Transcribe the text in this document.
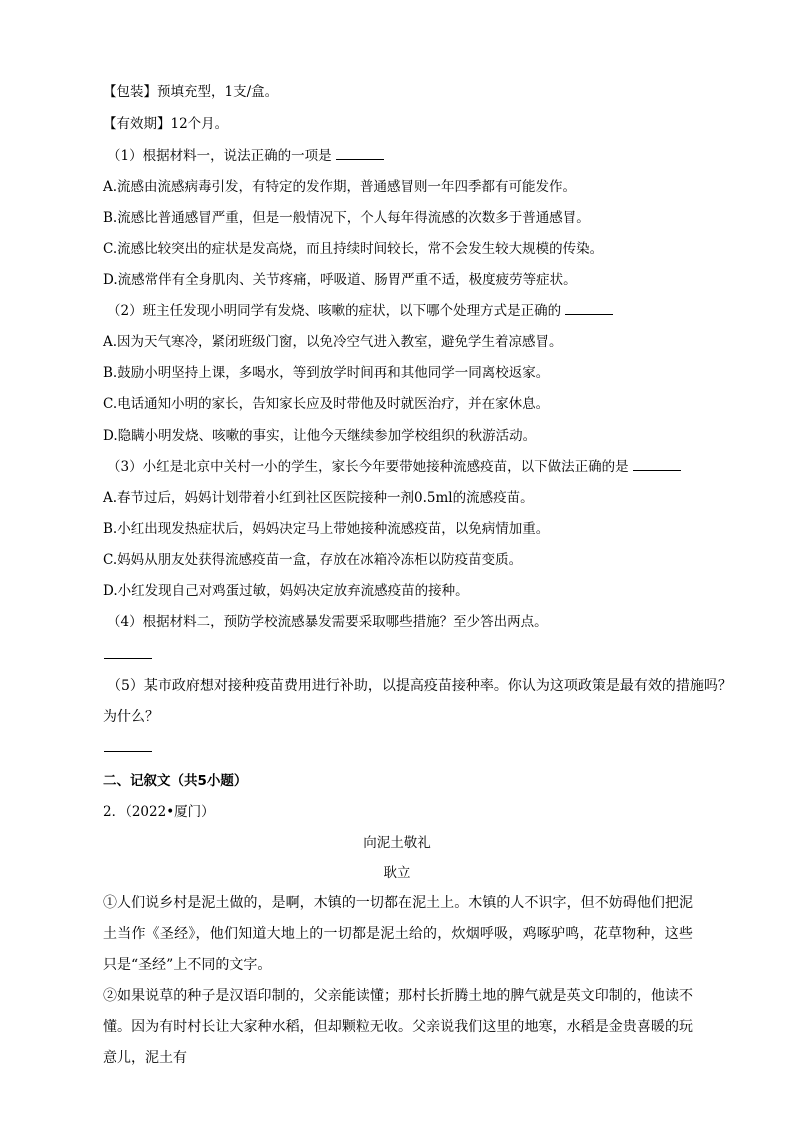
【包装】预填充型，1支/盒。
【有效期】12个月。
（1）根据材料一，说法正确的一项是
A.流感由流感病毒引发，有特定的发作期，普通感冒则一年四季都有可能发作。
B.流感比普通感冒严重，但是一般情况下，个人每年得流感的次数多于普通感冒。
C.流感比较突出的症状是发高烧，而且持续时间较长，常不会发生较大规模的传染。
D.流感常伴有全身肌肉、关节疼痛，呼吸道、肠胃严重不适，极度疲劳等症状。
（2）班主任发现小明同学有发烧、咳嗽的症状，以下哪个处理方式是正确的
A.因为天气寒冷，紧闭班级门窗，以免冷空气进入教室，避免学生着凉感冒。
B.鼓励小明坚持上课，多喝水，等到放学时间再和其他同学一同离校返家。
C.电话通知小明的家长，告知家长应及时带他及时就医治疗，并在家休息。
D.隐瞒小明发烧、咳嗽的事实，让他今天继续参加学校组织的秋游活动。
（3）小红是北京中关村一小的学生，家长今年要带她接种流感疫苗，以下做法正确的是
A.春节过后，妈妈计划带着小红到社区医院接种一剂0.5ml的流感疫苗。
B.小红出现发热症状后，妈妈决定马上带她接种流感疫苗，以免病情加重。
C.妈妈从朋友处获得流感疫苗一盒，存放在冰箱冷冻柜以防疫苗变质。
D.小红发现自己对鸡蛋过敏，妈妈决定放弃流感疫苗的接种。
（4）根据材料二，预防学校流感暴发需要采取哪些措施？至少答出两点。
（5）某市政府想对接种疫苗费用进行补助，以提高疫苗接种率。你认为这项政策是最有效的措施吗？
为什么？
二、记叙文（共5小题）
2．（2022•厦门）
向泥土敬礼
耿立
①人们说乡村是泥土做的，是啊，木镇的一切都在泥土上。木镇的人不识字，但不妨碍他们把泥土当作《圣经》，他们知道大地上的一切都是泥土给的，炊烟呼吸，鸡啄驴鸣，花草物种，这些只是“圣经”上不同的文字。
②如果说草的种子是汉语印制的，父亲能读懂；那村长折腾土地的脾气就是英文印制的，他读不懂。因为有时村长让大家种水稻，但却颗粒无收。父亲说我们这里的地寒，水稻是金贵喜暖的玩意儿，泥土有
